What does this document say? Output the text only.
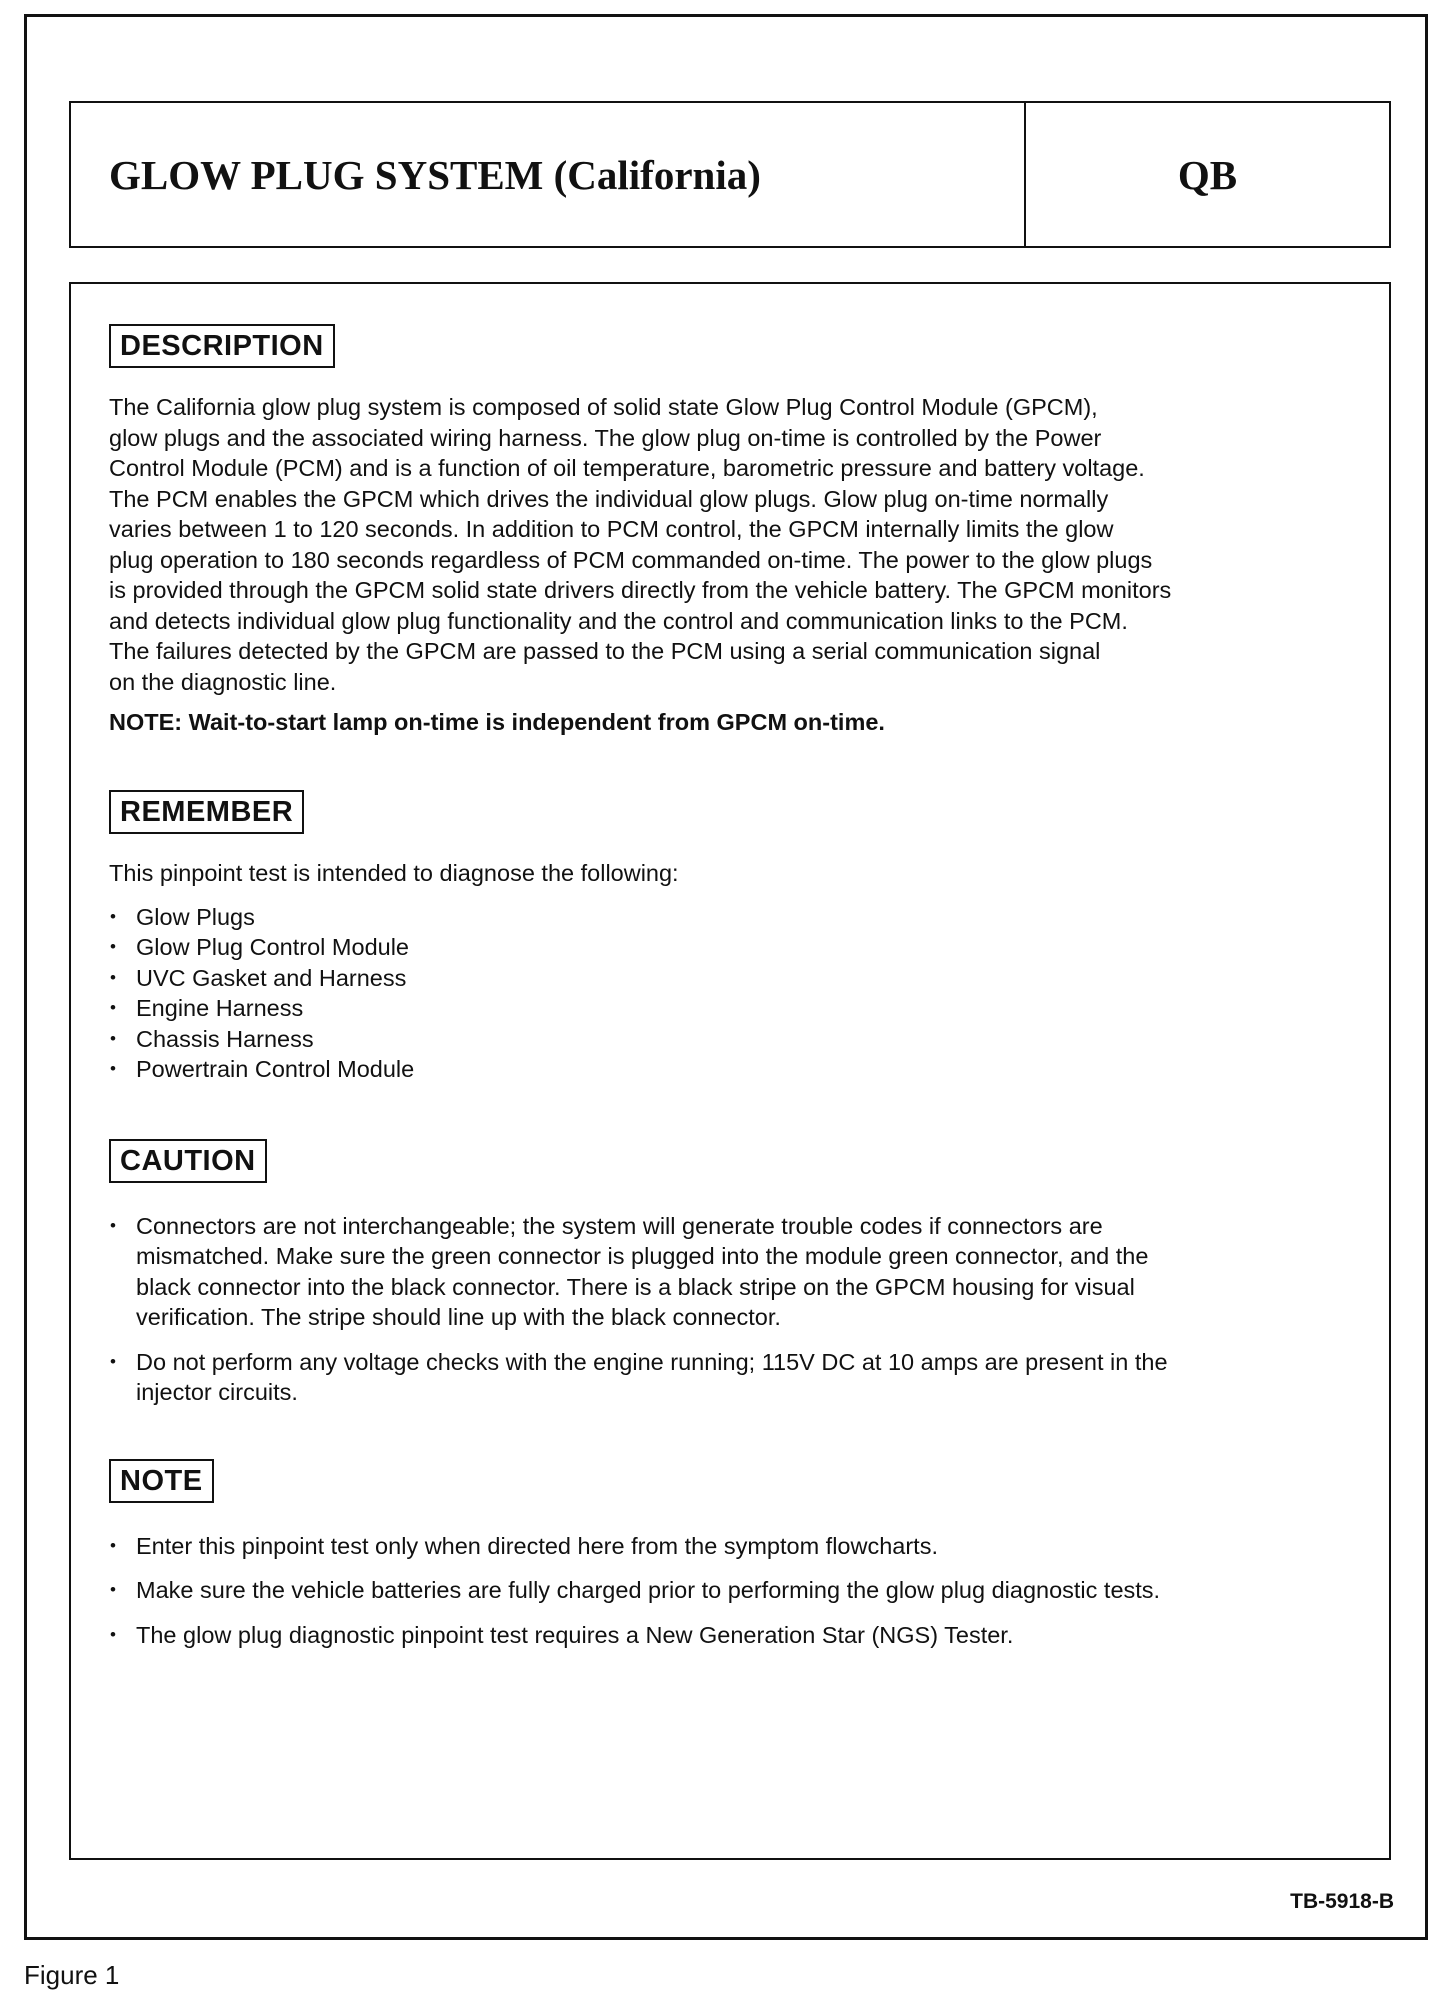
GLOW PLUG SYSTEM (California)	QB
DESCRIPTION
The California glow plug system is composed of solid state Glow Plug Control Module (GPCM),
glow plugs and the associated wiring harness. The glow plug on-time is controlled by the Power
Control Module (PCM) and is a function of oil temperature, barometric pressure and battery voltage.
The PCM enables the GPCM which drives the individual glow plugs. Glow plug on-time normally
varies between 1 to 120 seconds. In addition to PCM control, the GPCM internally limits the glow
plug operation to 180 seconds regardless of PCM commanded on-time. The power to the glow plugs
is provided through the GPCM solid state drivers directly from the vehicle battery. The GPCM monitors
and detects individual glow plug functionality and the control and communication links to the PCM.
The failures detected by the GPCM are passed to the PCM using a serial communication signal
on the diagnostic line.

NOTE: Wait-to-start lamp on-time is independent from GPCM on-time.

REMEMBER

This pinpoint test is intended to diagnose the following:

• Glow Plugs
• Glow Plug Control Module
• UVC Gasket and Harness
• Engine Harness
• Chassis Harness
• Powertrain Control Module
CAUTION
• Connectors are not interchangeable; the system will generate trouble codes if connectors are
mismatched. Make sure the green connector is plugged into the module green connector, and the
black connector into the black connector. There is a black stripe on the GPCM housing for visual
verification. The stripe should line up with the black connector.
• Do not perform any voltage checks with the engine running; 115V DC at 10 amps are present in the
injector circuits.
NOTE
• Enter this pinpoint test only when directed here from the symptom flowcharts.
• Make sure the vehicle batteries are fully charged prior to performing the glow plug diagnostic tests.
• The glow plug diagnostic pinpoint test requires a New Generation Star (NGS) Tester.
TB-5918-B
Figure 1
